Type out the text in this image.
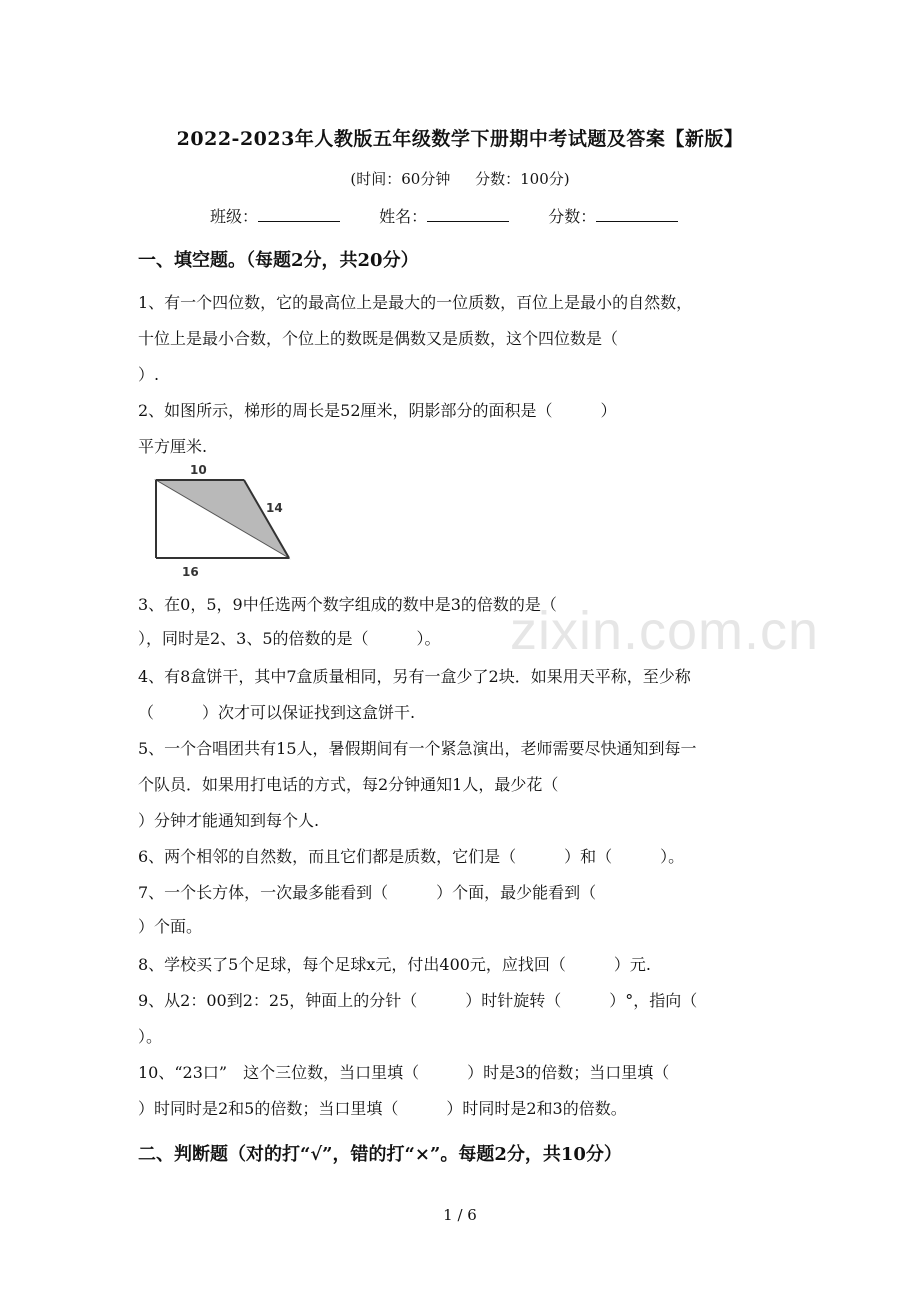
2022-2023年人教版五年级数学下册期中考试题及答案【新版】
(时间：60分钟 分数：100分)
班级：	姓名：	分数：
一、填空题。（每题2分，共20分）
1、有一个四位数，它的最高位上是最大的一位质数，百位上是最小的自然数，
十位上是最小合数，个位上的数既是偶数又是质数，这个四位数是（
）.
2、如图所示，梯形的周长是52厘米，阴影部分的面积是（　　　）
平方厘米.
10
14
16
3、在0，5，9中任选两个数字组成的数中是3的倍数的是（
），同时是2、3、5的倍数的是（　　　）。
4、有8盒饼干，其中7盒质量相同，另有一盒少了2块．如果用天平称，至少称
（　　　）次才可以保证找到这盒饼干.
5、一个合唱团共有15人，暑假期间有一个紧急演出，老师需要尽快通知到每一
个队员．如果用打电话的方式，每2分钟通知1人，最少花（
）分钟才能通知到每个人.
6、两个相邻的自然数，而且它们都是质数，它们是（　　　）和（　　　）。
7、一个长方体，一次最多能看到（　　　）个面，最少能看到（
）个面。
8、学校买了5个足球，每个足球x元，付出400元，应找回（　　　）元.
9、从2：00到2：25，钟面上的分针（　　　）时针旋转（　　　）°，指向（
）。
10、“23口”　这个三位数，当口里填（　　　）时是3的倍数；当口里填（
）时同时是2和5的倍数；当口里填（　　　）时同时是2和3的倍数。
二、判断题（对的打“√”，错的打“×”。每题2分，共10分）
zixin.com.cn
1 / 6
